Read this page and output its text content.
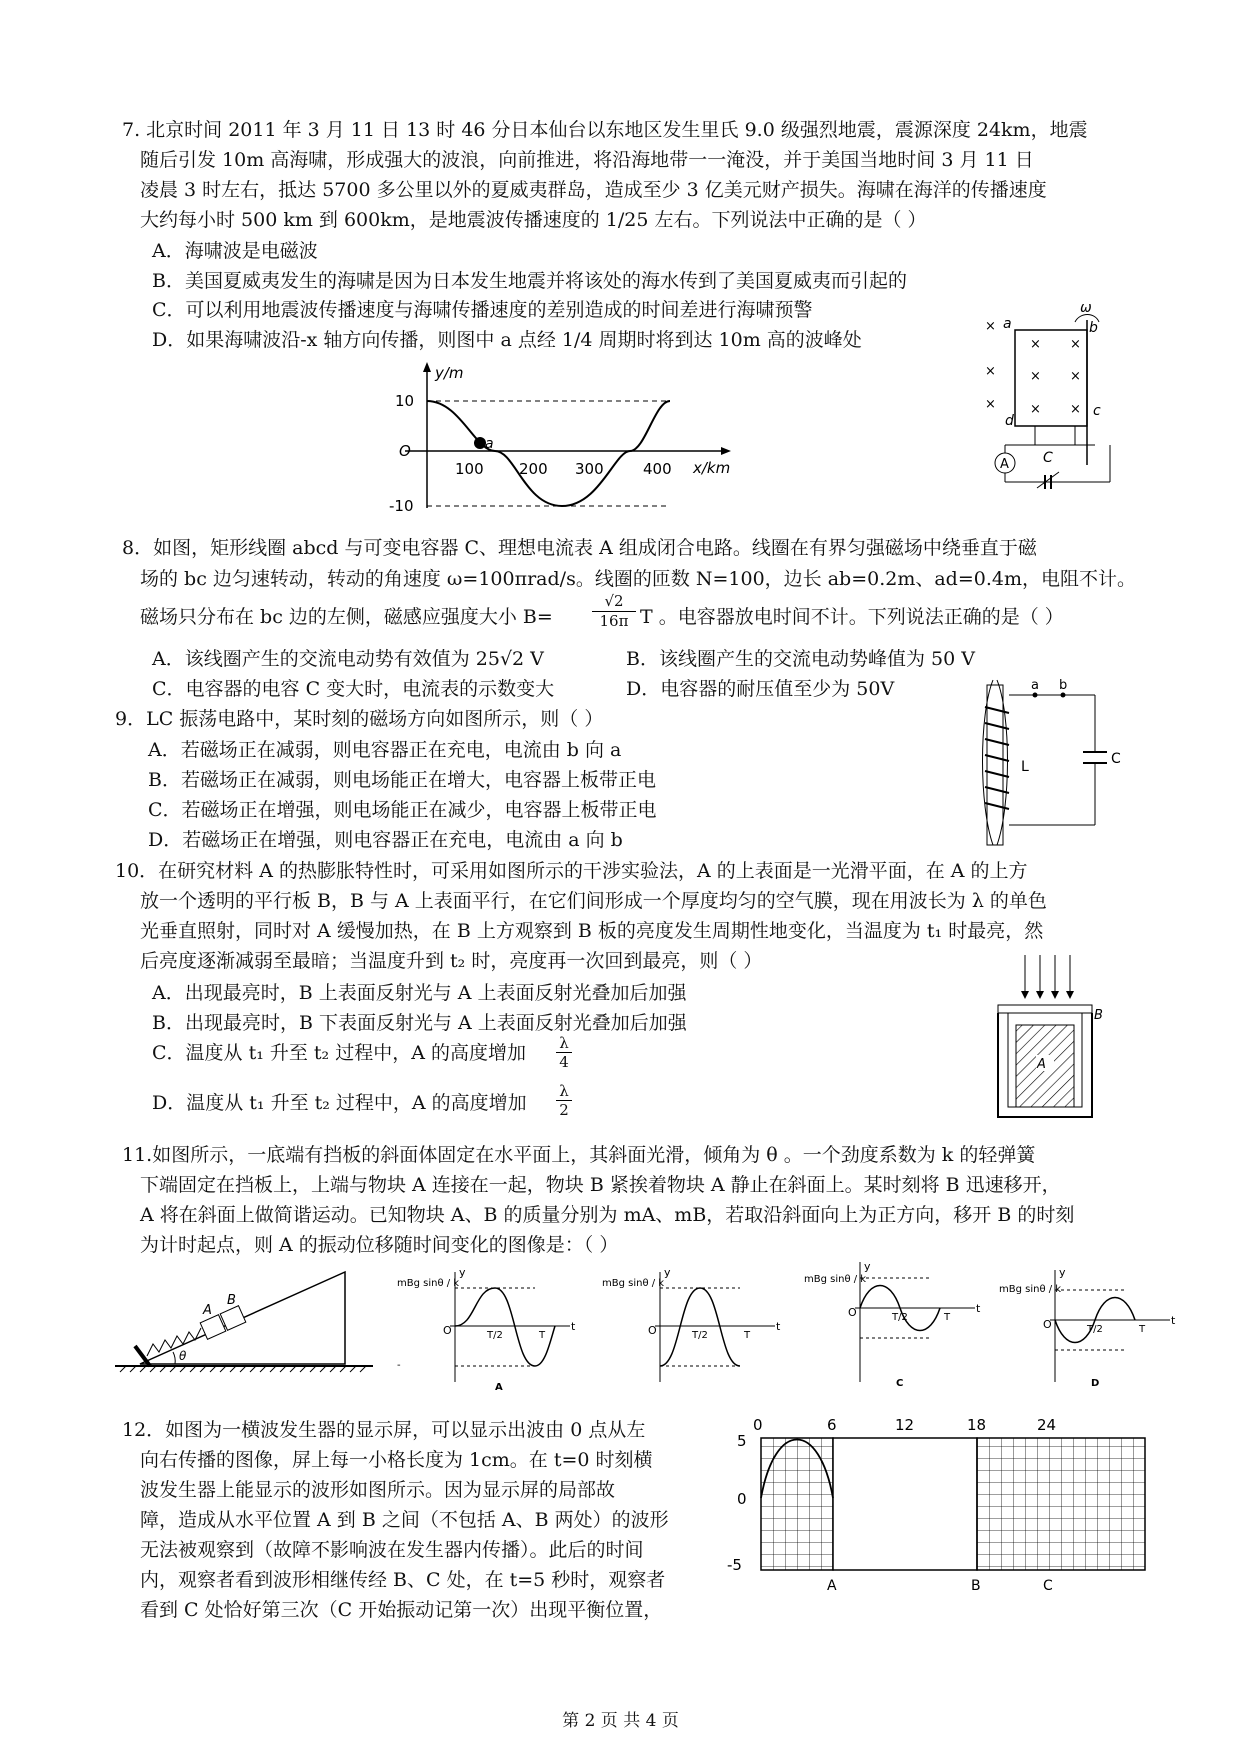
7. 北京时间 2011 年 3 月 11 日 13 时 46 分日本仙台以东地区发生里氏 9.0 级强烈地震，震源深度 24km，地震
随后引发 10m 高海啸，形成强大的波浪，向前推进，将沿海地带一一淹没，并于美国当地时间 3 月 11 日
凌晨 3 时左右，抵达 5700 多公里以外的夏威夷群岛，造成至少 3 亿美元财产损失。海啸在海洋的传播速度
大约每小时 500 km 到 600km，是地震波传播速度的 1/25 左右。下列说法中正确的是（ ）
A．海啸波是电磁波
B．美国夏威夷发生的海啸是因为日本发生地震并将该处的海水传到了美国夏威夷而引起的
C．可以利用地震波传播速度与海啸传播速度的差别造成的时间差进行海啸预警
D．如果海啸波沿-x 轴方向传播，则图中 a 点经 1/4 周期时将到达 10m 高的波峰处
y/m
x/km
10
O
-10
100 200 300	400
a
×
× ×
×	× ×
×	× ×
ω
a	b
c
d
A C
8．如图，矩形线圈 abcd 与可变电容器 C、理想电流表 A 组成闭合电路。线圈在有界匀强磁场中绕垂直于磁
场的 bc 边匀速转动，转动的角速度 ω=100πrad/s。线圈的匝数 N=100，边长 ab=0.2m、ad=0.4m，电阻不计。
磁场只分布在 bc 边的左侧，磁感应强度大小 B=	$\frac{√2}{16\pi}$ T 。电容器放电时间不计。下列说法正确的是（ ）
A．该线圈产生的交流电动势有效值为 25√2 V	B．该线圈产生的交流电动势峰值为 50 V
C．电容器的电容 C 变大时，电流表的示数变大	D．电容器的耐压值至少为 50V
9．LC 振荡电路中，某时刻的磁场方向如图所示，则（ ）
A．若磁场正在减弱，则电容器正在充电，电流由 b 向 a
B．若磁场正在减弱，则电场能正在增大，电容器上板带正电
C．若磁场正在增强，则电场能正在减少，电容器上板带正电
D．若磁场正在增强，则电容器正在充电，电流由 a 向 b
a b
L	C
10．在研究材料 A 的热膨胀特性时，可采用如图所示的干涉实验法，A 的上表面是一光滑平面，在 A 的上方
放一个透明的平行板 B，B 与 A 上表面平行，在它们间形成一个厚度均匀的空气膜，现在用波长为 λ 的单色
光垂直照射，同时对 A 缓慢加热，在 B 上方观察到 B 板的亮度发生周期性地变化，当温度为 t₁ 时最亮，然
后亮度逐渐减弱至最暗；当温度升到 t₂ 时，亮度再一次回到最亮，则（ ）
A．出现最亮时，B 上表面反射光与 A 上表面反射光叠加后加强
B．出现最亮时，B 下表面反射光与 A 上表面反射光叠加后加强
C．温度从 t₁ 升至 t₂ 过程中，A 的高度增加 $\frac{\lambda}{4}$
D．温度从 t₁ 升至 t₂ 过程中，A 的高度增加 $\frac{\lambda}{2}$
B
A
11.如图所示，一底端有挡板的斜面体固定在水平面上，其斜面光滑，倾角为 θ 。一个劲度系数为 k 的轻弹簧
下端固定在挡板上，上端与物块 A 连接在一起，物块 B 紧挨着物块 A 静止在斜面上。某时刻将 B 迅速移开，
A 将在斜面上做简谐运动。已知物块 A、B 的质量分别为 mA、mB，若取沿斜面向上为正方向，移开 B 的时刻
为计时起点，则 A 的振动位移随时间变化的图像是：（ ）
A
B
θ
mBg sinθ / k
-
y
t
O	T/2	T
A
mBg sinθ / k
y
t
O	T/2	T
mBg sinθ / k
y
t
O	T/2	T
C
mBg sinθ / k
y
t
O	T/2	T
D
12．如图为一横波发生器的显示屏，可以显示出波由 0 点从左
向右传播的图像，屏上每一小格长度为 1cm。在 t=0 时刻横
波发生器上能显示的波形如图所示。因为显示屏的局部故
障，造成从水平位置 A 到 B 之间（不包括 A、B 两处）的波形
无法被观察到（故障不影响波在发生器内传播）。此后的时间
内，观察者看到波形相继传经 B、C 处，在 t=5 秒时，观察者
看到 C 处恰好第三次（C 开始振动记第一次）出现平衡位置，
0	6	12	18	24
5
0
-5
A	B	C
第 2 页 共 4 页
